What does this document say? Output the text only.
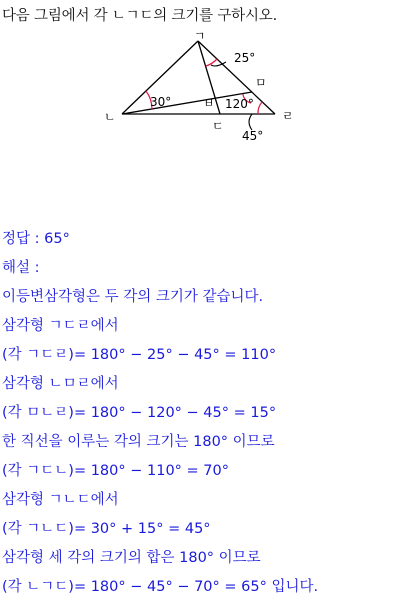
다음 그림에서 각 ㄴㄱㄷ의 크기를 구하시오.
ㄱ
ㄴ
ㄷ
ㄹ
ㅁ
ㅂ
25°
30°	120°
45°
정답 : 65°
해설 :
이등변삼각형은 두 각의 크기가 같습니다.
삼각형 ㄱㄷㄹ에서
(각 ㄱㄷㄹ)= 180° − 25° − 45° = 110°
삼각형 ㄴㅁㄹ에서
(각 ㅁㄴㄹ)= 180° − 120° − 45° = 15°
한 직선을 이루는 각의 크기는 180° 이므로
(각 ㄱㄷㄴ)= 180° − 110° = 70°
삼각형 ㄱㄴㄷ에서
(각 ㄱㄴㄷ)= 30° + 15° = 45°
삼각형 세 각의 크기의 합은 180° 이므로
(각 ㄴㄱㄷ)= 180° − 45° − 70° = 65° 입니다.
